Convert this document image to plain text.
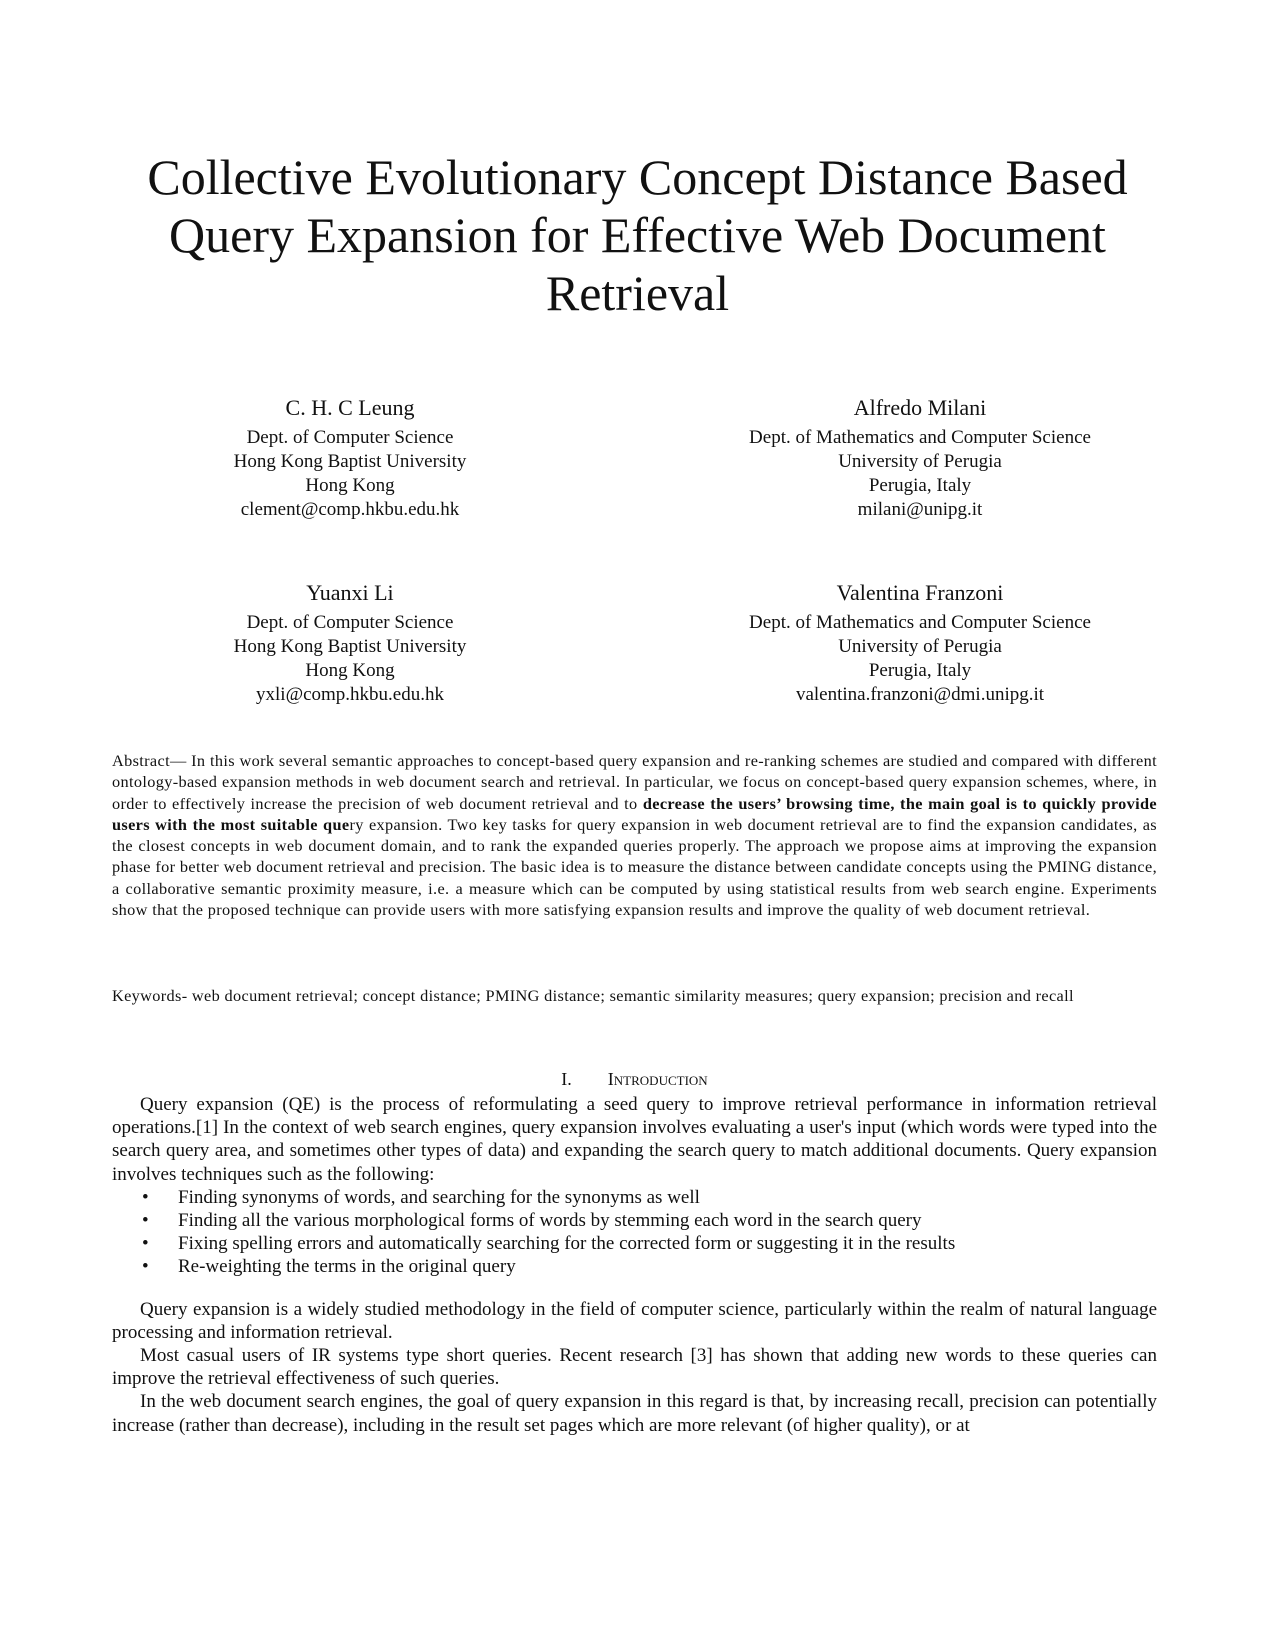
Collective Evolutionary Concept Distance Based Query Expansion for Effective Web Document Retrieval
C. H. C Leung
Dept. of Computer Science
Hong Kong Baptist University
Hong Kong
clement@comp.hkbu.edu.hk
Alfredo Milani
Dept. of Mathematics and Computer Science
University of Perugia
Perugia, Italy
milani@unipg.it
Yuanxi Li
Dept. of Computer Science
Hong Kong Baptist University
Hong Kong
yxli@comp.hkbu.edu.hk
Valentina Franzoni
Dept. of Mathematics and Computer Science
University of Perugia
Perugia, Italy
valentina.franzoni@dmi.unipg.it

Abstract— In this work several semantic approaches to concept-based query expansion and re-ranking schemes are studied and compared with different ontology-based expansion methods in web document search and retrieval. In particular, we focus on concept-based query expansion schemes, where, in order to effectively increase the precision of web document retrieval and to decrease the users’ browsing time, the main goal is to quickly provide users with the most suitable query expansion. Two key tasks for query expansion in web document retrieval are to find the expansion candidates, as the closest concepts in web document domain, and to rank the expanded queries properly. The approach we propose aims at improving the expansion phase for better web document retrieval and precision. The basic idea is to measure the distance between candidate concepts using the PMING distance, a collaborative semantic proximity measure, i.e. a measure which can be computed by using statistical results from web search engine. Experiments show that the proposed technique can provide users with more satisfying expansion results and improve the quality of web document retrieval.

Keywords- web document retrieval; concept distance; PMING distance; semantic similarity measures; query expansion; precision and recall

I. Introduction

Query expansion (QE) is the process of reformulating a seed query to improve retrieval performance in information retrieval operations.[1] In the context of web search engines, query expansion involves evaluating a user's input (which words were typed into the search query area, and sometimes other types of data) and expanding the search query to match additional documents. Query expansion involves techniques such as the following:

• Finding synonyms of words, and searching for the synonyms as well
• Finding all the various morphological forms of words by stemming each word in the search query
• Fixing spelling errors and automatically searching for the corrected form or suggesting it in the results
• Re-weighting the terms in the original query

Query expansion is a widely studied methodology in the field of computer science, particularly within the realm of natural language processing and information retrieval.

Most casual users of IR systems type short queries. Recent research [3] has shown that adding new words to these queries can improve the retrieval effectiveness of such queries.

In the web document search engines, the goal of query expansion in this regard is that, by increasing recall, precision can potentially increase (rather than decrease), including in the result set pages which are more relevant (of higher quality), or at
